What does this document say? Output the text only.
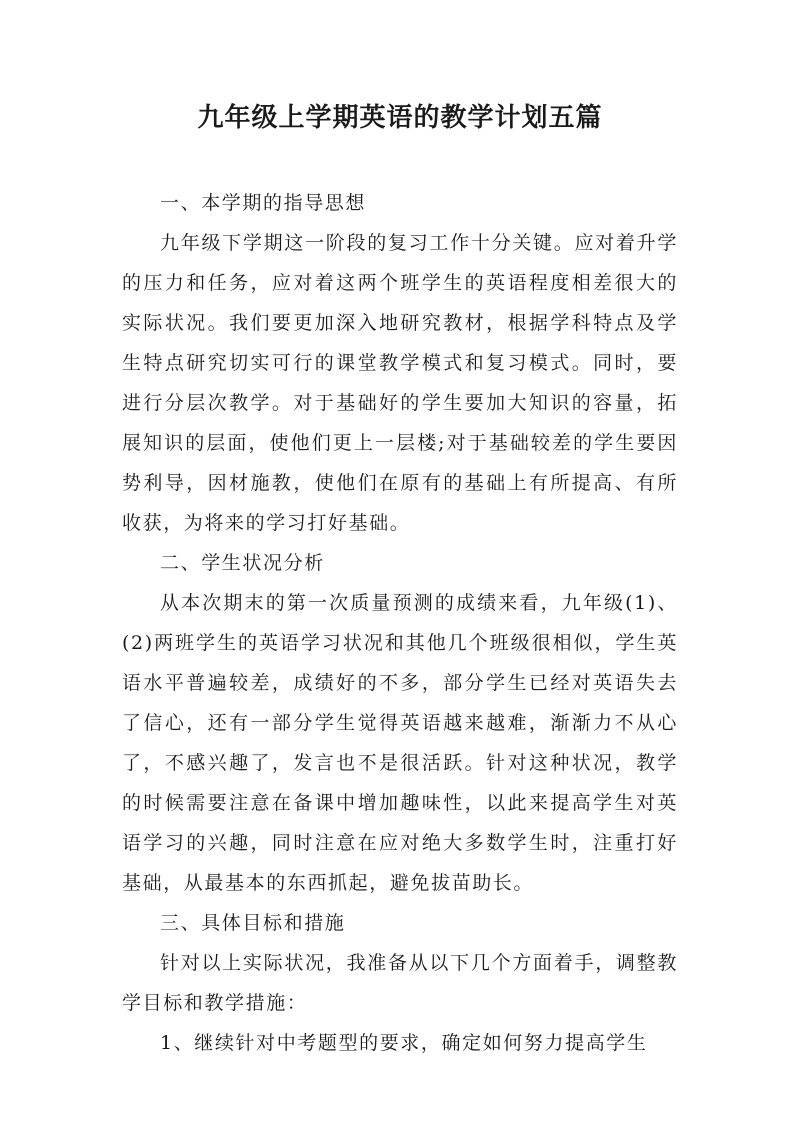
九年级上学期英语的教学计划五篇

一、本学期的指导思想

九年级下学期这一阶段的复习工作十分关键。应对着升学的压力和任务，应对着这两个班学生的英语程度相差很大的实际状况。我们要更加深入地研究教材，根据学科特点及学生特点研究切实可行的课堂教学模式和复习模式。同时，要进行分层次教学。对于基础好的学生要加大知识的容量，拓展知识的层面，使他们更上一层楼;对于基础较差的学生要因势利导，因材施教，使他们在原有的基础上有所提高、有所收获，为将来的学习打好基础。

二、学生状况分析

从本次期末的第一次质量预测的成绩来看，九年级(1)、(2)两班学生的英语学习状况和其他几个班级很相似，学生英语水平普遍较差，成绩好的不多，部分学生已经对英语失去了信心，还有一部分学生觉得英语越来越难，渐渐力不从心了，不感兴趣了，发言也不是很活跃。针对这种状况，教学的时候需要注意在备课中增加趣味性，以此来提高学生对英语学习的兴趣，同时注意在应对绝大多数学生时，注重打好基础，从最基本的东西抓起，避免拔苗助长。

三、具体目标和措施

针对以上实际状况，我准备从以下几个方面着手，调整教学目标和教学措施：

1、继续针对中考题型的要求，确定如何努力提高学生
